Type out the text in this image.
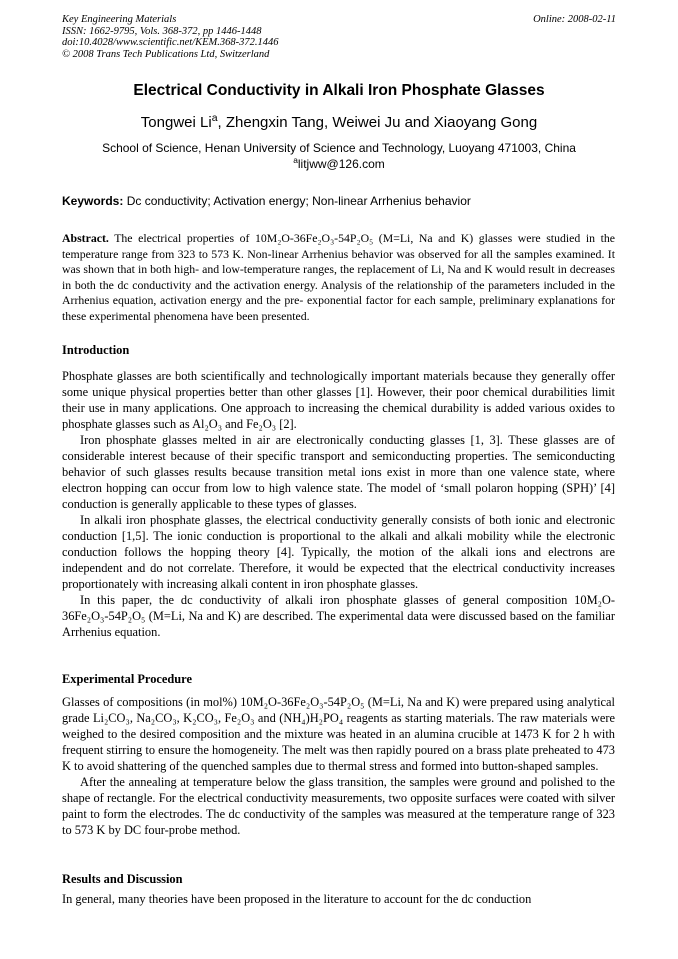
Key Engineering Materials
ISSN: 1662-9795, Vols. 368-372, pp 1446-1448
doi:10.4028/www.scientific.net/KEM.368-372.1446
© 2008 Trans Tech Publications Ltd, Switzerland
Online: 2008-02-11
Electrical Conductivity in Alkali Iron Phosphate Glasses
Tongwei Li$^a$, Zhengxin Tang, Weiwei Ju and Xiaoyang Gong
School of Science, Henan University of Science and Technology, Luoyang 471003, China
$^a$litjww@126.com
Keywords: Dc conductivity; Activation energy; Non-linear Arrhenius behavior

Abstract. The electrical properties of 10M₂O-36Fe₂O₃-54P₂O₅ (M=Li, Na and K) glasses were studied in the temperature range from 323 to 573 K. Non-linear Arrhenius behavior was observed for all the samples examined. It was shown that in both high- and low-temperature ranges, the replacement of Li, Na and K would result in decreases in both the dc conductivity and the activation energy. Analysis of the relationship of the parameters included in the Arrhenius equation, activation energy and the pre- exponential factor for each sample, preliminary explanations for these experimental phenomena have been presented.

Introduction

Phosphate glasses are both scientifically and technologically important materials because they generally offer some unique physical properties better than other glasses [1]. However, their poor chemical durabilities limit their use in many applications. One approach to increasing the chemical durability is added various oxides to phosphate glasses such as Al₂O₃ and Fe₂O₃ [2].

Iron phosphate glasses melted in air are electronically conducting glasses [1, 3]. These glasses are of considerable interest because of their specific transport and semiconducting properties. The semiconducting behavior of such glasses results because transition metal ions exist in more than one valence state, where electron hopping can occur from low to high valence state. The model of ‘small polaron hopping (SPH)’ [4] conduction is generally applicable to these types of glasses.

In alkali iron phosphate glasses, the electrical conductivity generally consists of both ionic and electronic conduction [1,5]. The ionic conduction is proportional to the alkali and alkali mobility while the electronic conduction follows the hopping theory [4]. Typically, the motion of the alkali ions and electrons are independent and do not correlate. Therefore, it would be expected that the electrical conductivity increases proportionately with increasing alkali content in iron phosphate glasses.

In this paper, the dc conductivity of alkali iron phosphate glasses of general composition 10M₂O-36Fe₂O₃-54P₂O₅ (M=Li, Na and K) are described. The experimental data were discussed based on the familiar Arrhenius equation.

Experimental Procedure

Glasses of compositions (in mol%) 10M₂O-36Fe₂O₃-54P₂O₅ (M=Li, Na and K) were prepared using analytical grade Li₂CO₃, Na₂CO₃, K₂CO₃, Fe₂O₃ and (NH₄)H₂PO₄ reagents as starting materials. The raw materials were weighed to the desired composition and the mixture was heated in an alumina crucible at 1473 K for 2 h with frequent stirring to ensure the homogeneity. The melt was then rapidly poured on a brass plate preheated to 473 K to avoid shattering of the quenched samples due to thermal stress and formed into button-shaped samples.

After the annealing at temperature below the glass transition, the samples were ground and polished to the shape of rectangle. For the electrical conductivity measurements, two opposite surfaces were coated with silver paint to form the electrodes. The dc conductivity of the samples was measured at the temperature range of 323 to 573 K by DC four-probe method.

Results and Discussion

In general, many theories have been proposed in the literature to account for the dc conduction
